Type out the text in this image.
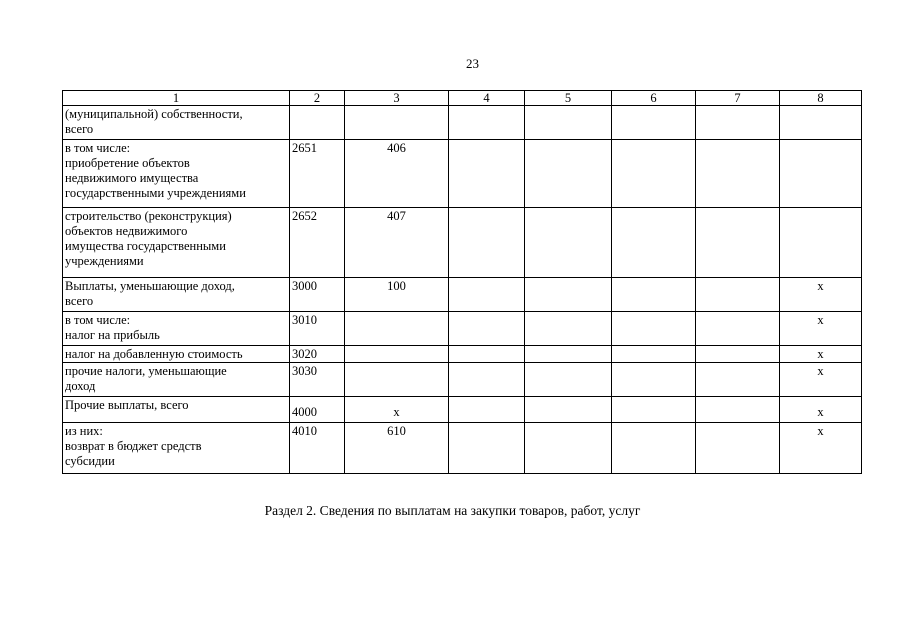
23
1	2	3	4	5	6	7	8

(муниципальной) собственности,
всего							

в том числе:
приобретение объектов
недвижимого имущества
государственными учреждениями	2651	406					

строительство (реконструкция)
объектов недвижимого
имущества государственными
учреждениями	2652	407					

Выплаты, уменьшающие доход,
всего	3000	100					x

в том числе:
налог на прибыль	3010						x

налог на добавленную стоимость	3020						x

прочие налоги, уменьшающие
доход	3030						x

Прочие выплаты, всего	4000	x					x

из них:
возврат в бюджет средств
субсидии	4010	610					x
Раздел 2. Сведения по выплатам на закупки товаров, работ, услуг
